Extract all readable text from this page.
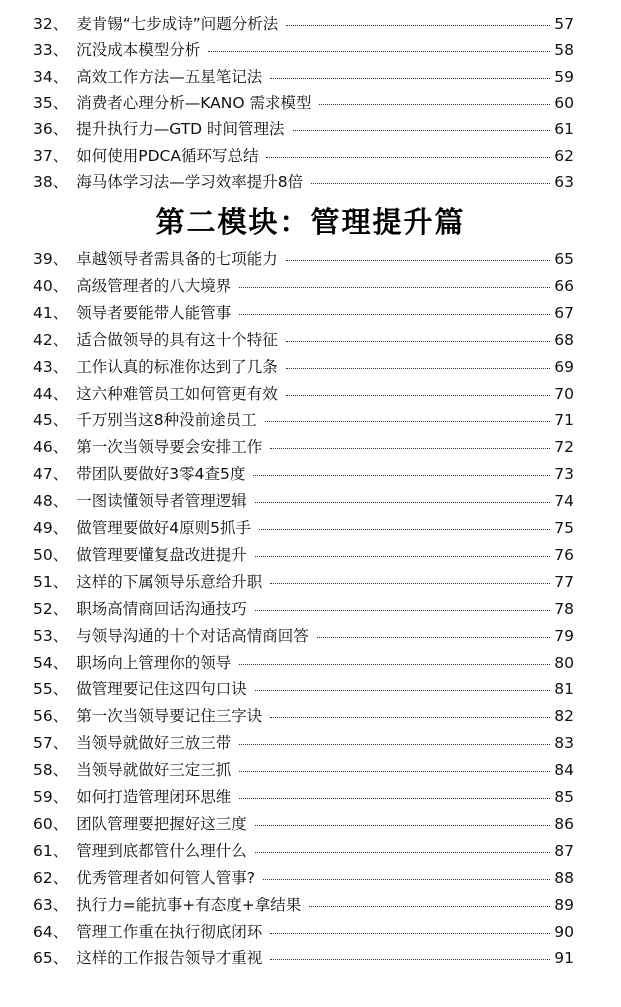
32、 麦肯锡“七步成诗”问题分析法	57
33、 沉没成本模型分析	58
34、 高效工作方法—五星笔记法	59
35、 消费者心理分析—KANO 需求模型	60
36、 提升执行力—GTD 时间管理法	61
37、 如何使用PDCA循环写总结	62
38、 海马体学习法—学习效率提升8倍	63
第二模块：管理提升篇
39、 卓越领导者需具备的七项能力	65
40、 高级管理者的八大境界	66
41、 领导者要能带人能管事	67
42、 适合做领导的具有这十个特征	68
43、 工作认真的标准你达到了几条	69
44、 这六种难管员工如何管更有效	70
45、 千万别当这8种没前途员工	71
46、 第一次当领导要会安排工作	72
47、 带团队要做好3零4查5度	73
48、 一图读懂领导者管理逻辑	74
49、 做管理要做好4原则5抓手	75
50、 做管理要懂复盘改进提升	76
51、 这样的下属领导乐意给升职	77
52、 职场高情商回话沟通技巧	78
53、 与领导沟通的十个对话高情商回答	79
54、 职场向上管理你的领导	80
55、 做管理要记住这四句口诀	81
56、 第一次当领导要记住三字诀	82
57、 当领导就做好三放三带	83
58、 当领导就做好三定三抓	84
59、 如何打造管理闭环思维	85
60、 团队管理要把握好这三度	86
61、 管理到底都管什么理什么	87
62、 优秀管理者如何管人管事?	88
63、 执行力=能抗事+有态度+拿结果	89
64、 管理工作重在执行彻底闭环	90
65、 这样的工作报告领导才重视	91
